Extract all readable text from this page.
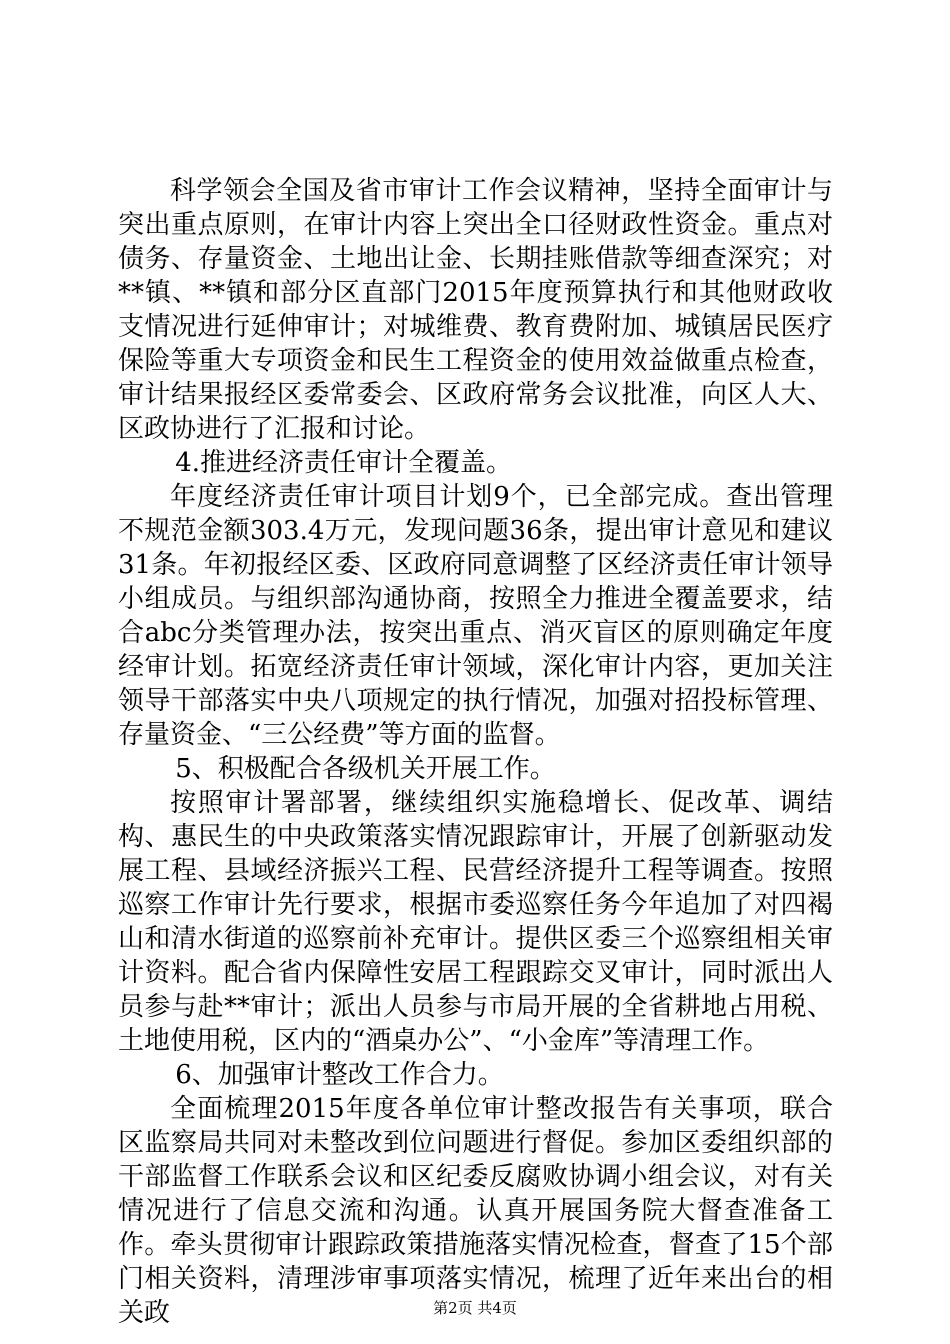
科学领会全国及省市审计工作会议精神，坚持全面审计与突出重点原则，在审计内容上突出全口径财政性资金。重点对债务、存量资金、土地出让金、长期挂账借款等细查深究；对**镇、**镇和部分区直部门2015年度预算执行和其他财政收支情况进行延伸审计；对城维费、教育费附加、城镇居民医疗保险等重大专项资金和民生工程资金的使用效益做重点检查，审计结果报经区委常委会、区政府常务会议批准，向区人大、区政协进行了汇报和讨论。

4.推进经济责任审计全覆盖。

年度经济责任审计项目计划9个，已全部完成。查出管理不规范金额303.4万元，发现问题36条，提出审计意见和建议31条。年初报经区委、区政府同意调整了区经济责任审计领导小组成员。与组织部沟通协商，按照全力推进全覆盖要求，结合abc分类管理办法，按突出重点、消灭盲区的原则确定年度经审计划。拓宽经济责任审计领域，深化审计内容，更加关注领导干部落实中央八项规定的执行情况，加强对招投标管理、存量资金、“三公经费”等方面的监督。

5、积极配合各级机关开展工作。

按照审计署部署，继续组织实施稳增长、促改革、调结构、惠民生的中央政策落实情况跟踪审计，开展了创新驱动发展工程、县域经济振兴工程、民营经济提升工程等调查。按照巡察工作审计先行要求，根据市委巡察任务今年追加了对四褐山和清水街道的巡察前补充审计。提供区委三个巡察组相关审计资料。配合省内保障性安居工程跟踪交叉审计，同时派出人员参与赴**审计；派出人员参与市局开展的全省耕地占用税、土地使用税，区内的“酒桌办公”、“小金库”等清理工作。

6、加强审计整改工作合力。

全面梳理2015年度各单位审计整改报告有关事项，联合区监察局共同对未整改到位问题进行督促。参加区委组织部的干部监督工作联系会议和区纪委反腐败协调小组会议，对有关情况进行了信息交流和沟通。认真开展国务院大督查准备工作。牵头贯彻审计跟踪政策措施落实情况检查，督查了15个部门相关资料，清理涉审事项落实情况，梳理了近年来出台的相关政	第2页 共4页
